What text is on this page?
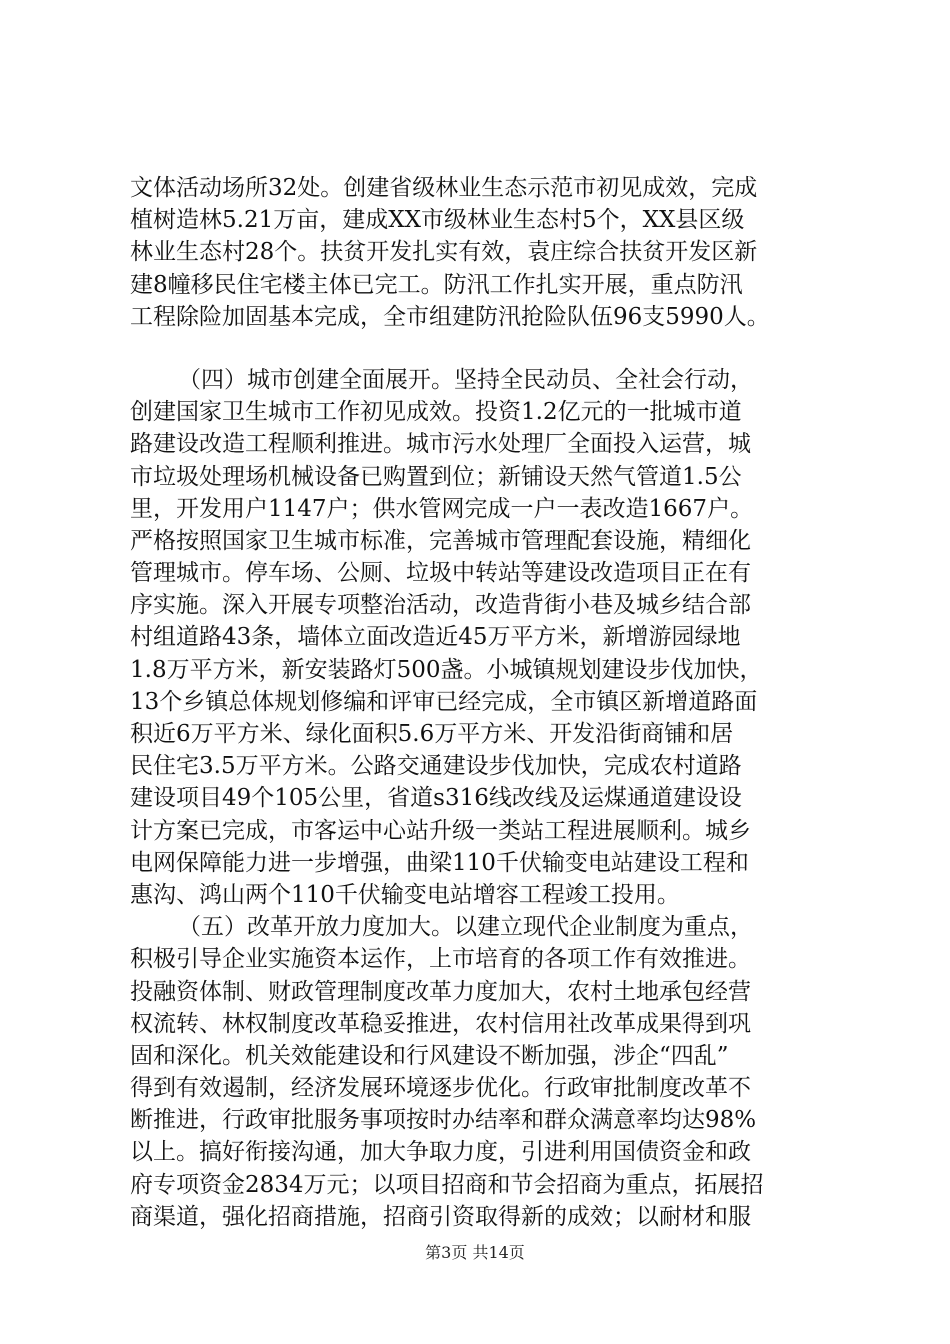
文体活动场所32处。创建省级林业生态示范市初见成效，完成
植树造林5.21万亩，建成XX市级林业生态村5个，XX县区级
林业生态村28个。扶贫开发扎实有效，袁庄综合扶贫开发区新
建8幢移民住宅楼主体已完工。防汛工作扎实开展，重点防汛
工程除险加固基本完成，全市组建防汛抢险队伍96支5990人。
（四）城市创建全面展开。坚持全民动员、全社会行动，
创建国家卫生城市工作初见成效。投资1.2亿元的一批城市道
路建设改造工程顺利推进。城市污水处理厂全面投入运营，城
市垃圾处理场机械设备已购置到位；新铺设天然气管道1.5公
里，开发用户1147户；供水管网完成一户一表改造1667户。
严格按照国家卫生城市标准，完善城市管理配套设施，精细化
管理城市。停车场、公厕、垃圾中转站等建设改造项目正在有
序实施。深入开展专项整治活动，改造背街小巷及城乡结合部
村组道路43条，墙体立面改造近45万平方米，新增游园绿地
1.8万平方米，新安装路灯500盏。小城镇规划建设步伐加快，
13个乡镇总体规划修编和评审已经完成，全市镇区新增道路面
积近6万平方米、绿化面积5.6万平方米、开发沿街商铺和居
民住宅3.5万平方米。公路交通建设步伐加快，完成农村道路
建设项目49个105公里，省道s316线改线及运煤通道建设设
计方案已完成，市客运中心站升级一类站工程进展顺利。城乡
电网保障能力进一步增强，曲梁110千伏输变电站建设工程和
惠沟、鸿山两个110千伏输变电站增容工程竣工投用。
（五）改革开放力度加大。以建立现代企业制度为重点，
积极引导企业实施资本运作，上市培育的各项工作有效推进。
投融资体制、财政管理制度改革力度加大，农村土地承包经营
权流转、林权制度改革稳妥推进，农村信用社改革成果得到巩
固和深化。机关效能建设和行风建设不断加强，涉企“四乱”
得到有效遏制，经济发展环境逐步优化。行政审批制度改革不
断推进，行政审批服务事项按时办结率和群众满意率均达98%
以上。搞好衔接沟通，加大争取力度，引进利用国债资金和政
府专项资金2834万元；以项目招商和节会招商为重点，拓展招
商渠道，强化招商措施，招商引资取得新的成效；以耐材和服
第3页 共14页
